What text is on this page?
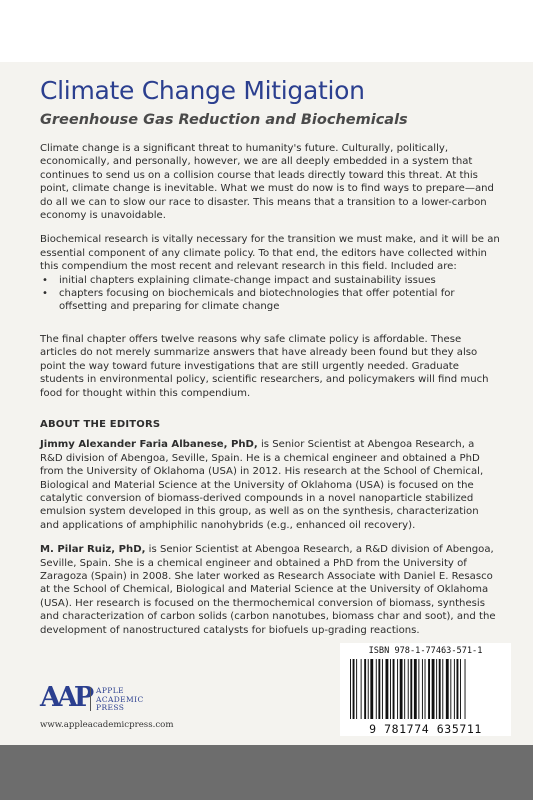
Climate Change Mitigation
Greenhouse Gas Reduction and Biochemicals

Climate change is a significant threat to humanity's future. Culturally, politically, economically, and personally, however, we are all deeply embedded in a system that continues to send us on a collision course that leads directly toward this threat. At this point, climate change is inevitable. What we must do now is to find ways to prepare—and do all we can to slow our race to disaster. This means that a transition to a lower-carbon economy is unavoidable.

Biochemical research is vitally necessary for the transition we must make, and it will be an essential component of any climate policy. To that end, the editors have collected within this compendium the most recent and relevant research in this field. Included are:

• initial chapters explaining climate-change impact and sustainability issues
• chapters focusing on biochemicals and biotechnologies that offer potential for offsetting and preparing for climate change

The final chapter offers twelve reasons why safe climate policy is affordable. These articles do not merely summarize answers that have already been found but they also point the way toward future investigations that are still urgently needed. Graduate students in environmental policy, scientific researchers, and policymakers will find much food for thought within this compendium.

ABOUT THE EDITORS

Jimmy Alexander Faria Albanese, PhD, is Senior Scientist at Abengoa Research, a R&D division of Abengoa, Seville, Spain. He is a chemical engineer and obtained a PhD from the University of Oklahoma (USA) in 2012. His research at the School of Chemical, Biological and Material Science at the University of Oklahoma (USA) is focused on the catalytic conversion of biomass-derived compounds in a novel nanoparticle stabilized emulsion system developed in this group, as well as on the synthesis, characterization and applications of amphiphilic nanohybrids (e.g., enhanced oil recovery).

M. Pilar Ruiz, PhD, is Senior Scientist at Abengoa Research, a R&D division of Abengoa, Seville, Spain. She is a chemical engineer and obtained a PhD from the University of Zaragoza (Spain) in 2008. She later worked as Research Associate with Daniel E. Resasco at the School of Chemical, Biological and Material Science at the University of Oklahoma (USA). Her research is focused on the thermochemical conversion of biomass, synthesis and characterization of carbon solids (carbon nanotubes, biomass char and soot), and the development of nanostructured catalysts for biofuels up-grading reactions.

AAP APPLE
ACADEMIC
PRESS
www.appleacademicpress.com
ISBN 978-1-77463-571-1
9 781774 635711
